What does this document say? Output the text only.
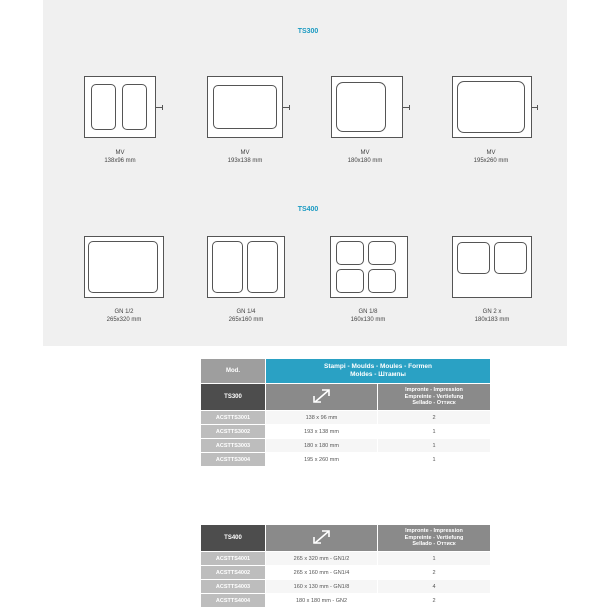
TS300
MV
138x96 mm
MV
193x138 mm
MV
180x180 mm
MV
195x260 mm
TS400
GN 1/2
265x320 mm
GN 1/4
265x160 mm
GN 1/8
160x130 mm
GN 2 x
180x183 mm
Mod.	Stampi - Moulds - Moules - Formen
Moldes - Штампы	

TS300		Impronte - Impression
Empreinte - Vertiefung
Sellado - Оттиск

ACSTTS3001	138 x 96 mm	2
ACSTTS3002	193 x 138 mm	1
ACSTTS3003	180 x 180 mm	1
ACSTTS3004	195 x 260 mm	1
TS400		Impronte - Impression
Empreinte - Vertiefung
Sellado - Оттиск

ACSTTS4001	265 x 320 mm - GN1/2	1
ACSTTS4002	265 x 160 mm - GN1/4	2
ACSTTS4003	160 x 130 mm - GN1/8	4
ACSTTS4004	180 x 180 mm - GN2	2
